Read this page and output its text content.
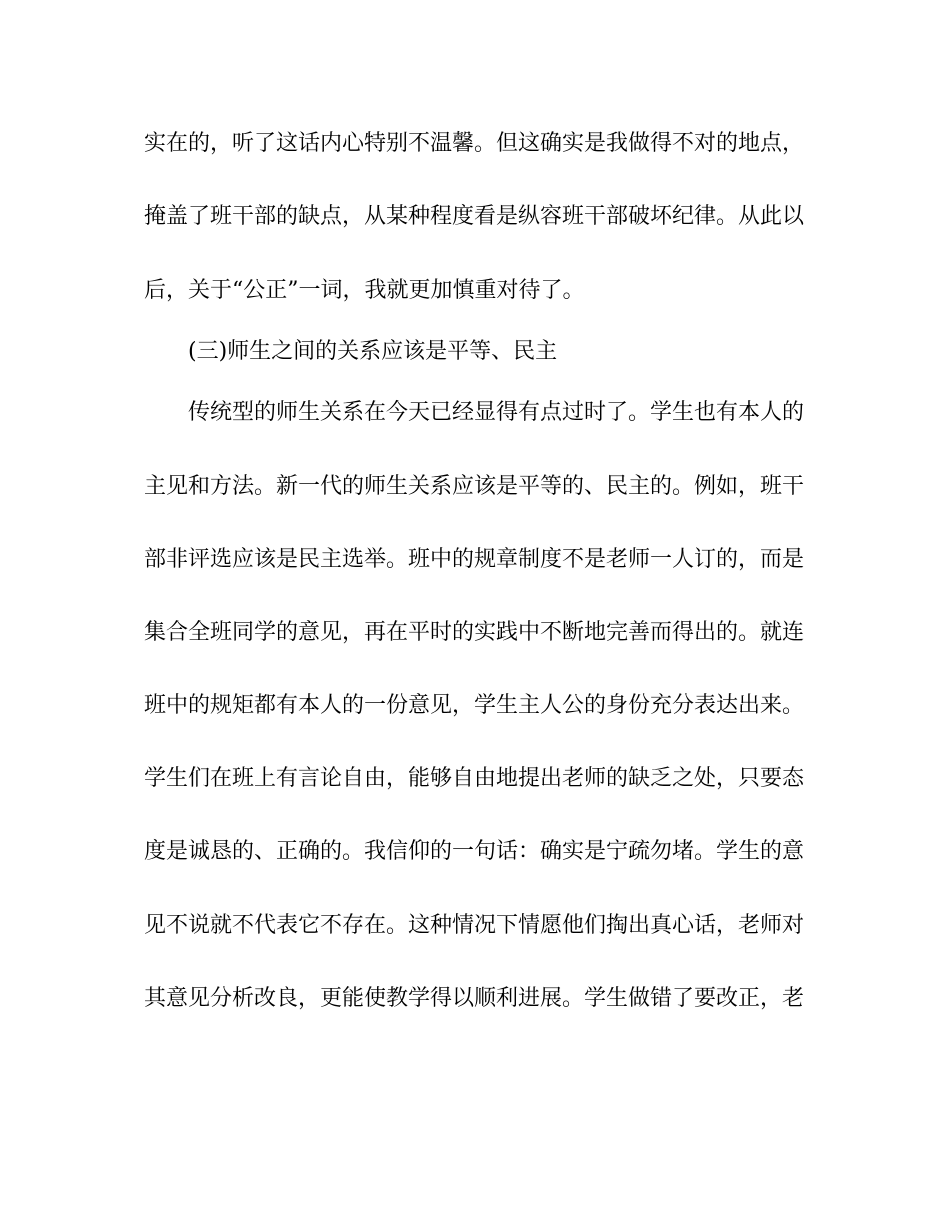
实在的，听了这话内心特别不温馨。但这确实是我做得不对的地点，

掩盖了班干部的缺点，从某种程度看是纵容班干部破坏纪律。从此以

后，关于“公正”一词，我就更加慎重对待了。

(三)师生之间的关系应该是平等、民主

传统型的师生关系在今天已经显得有点过时了。学生也有本人的

主见和方法。新一代的师生关系应该是平等的、民主的。例如，班干

部非评选应该是民主选举。班中的规章制度不是老师一人订的，而是

集合全班同学的意见，再在平时的实践中不断地完善而得出的。就连

班中的规矩都有本人的一份意见，学生主人公的身份充分表达出来。

学生们在班上有言论自由，能够自由地提出老师的缺乏之处，只要态

度是诚恳的、正确的。我信仰的一句话：确实是宁疏勿堵。学生的意

见不说就不代表它不存在。这种情况下情愿他们掏出真心话，老师对

其意见分析改良，更能使教学得以顺利进展。学生做错了要改正，老
